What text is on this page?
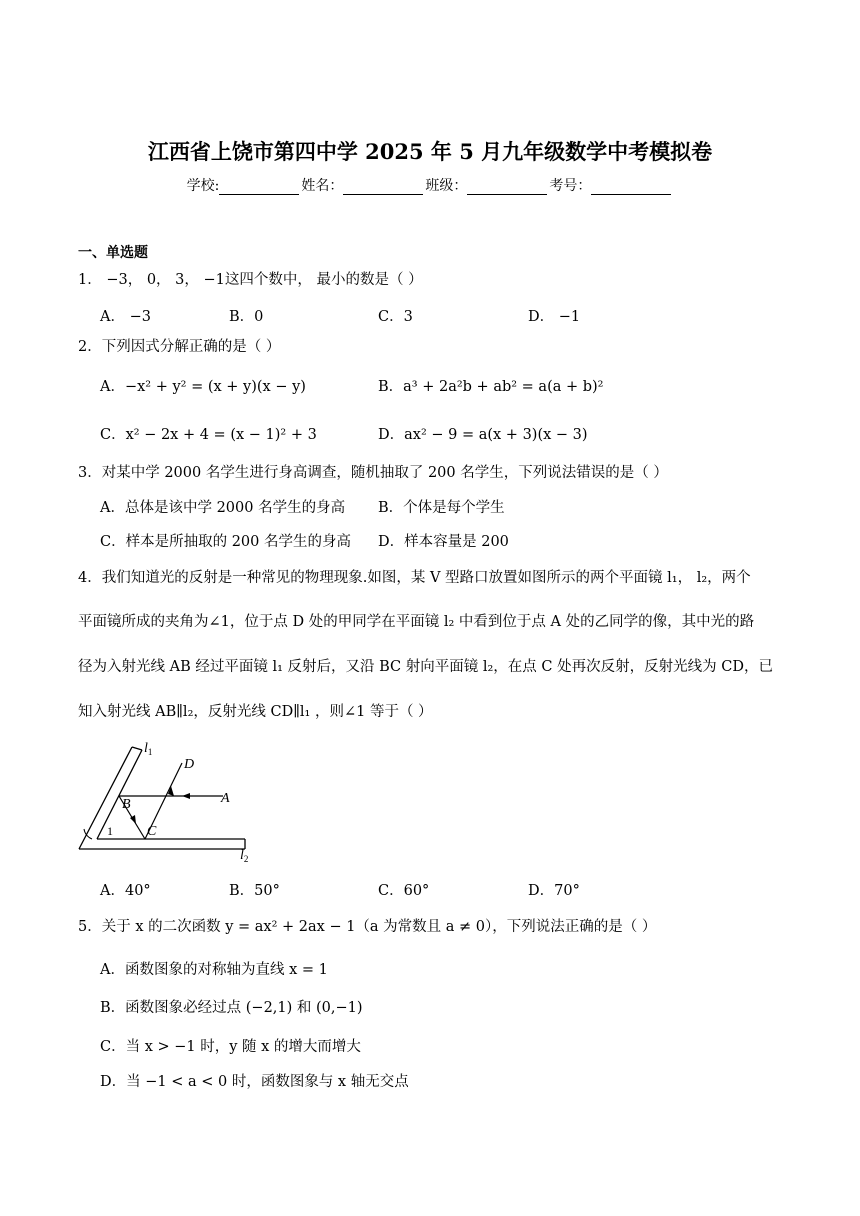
江西省上饶市第四中学 2025 年 5 月九年级数学中考模拟卷
学校:	姓名：	班级：	考号：
一、单选题
1． −3， 0， 3， −1这四个数中， 最小的数是（ ）
A． −3	B．0	C．3	D． −1
2．下列因式分解正确的是（ ）
A．−x² + y² = (x + y)(x − y)	B．a³ + 2a²b + ab² = a(a + b)²
C．x² − 2x + 4 = (x − 1)² + 3	D．ax² − 9 = a(x + 3)(x − 3)
3．对某中学 2000 名学生进行身高调查，随机抽取了 200 名学生，下列说法错误的是（ ）
A．总体是该中学 2000 名学生的身高 B．个体是每个学生
C．样本是所抽取的 200 名学生的身高 D．样本容量是 200
4．我们知道光的反射是一种常见的物理现象.如图，某 V 型路口放置如图所示的两个平面镜 l₁， l₂，两个
平面镜所成的夹角为∠1，位于点 D 处的甲同学在平面镜 l₂ 中看到位于点 A 处的乙同学的像，其中光的路
径为入射光线 AB 经过平面镜 l₁ 反射后，又沿 BC 射向平面镜 l₂，在点 C 处再次反射，反射光线为 CD，已
知入射光线 AB∥l₂，反射光线 CD∥l₁ ，则∠1 等于（ ）
$l_1$
$l_2$
D
A
B
C
1
A．40°	B．50°	C．60°	D．70°
5．关于 x 的二次函数 y = ax² + 2ax − 1（a 为常数且 a ≠ 0），下列说法正确的是（ ）
A．函数图象的对称轴为直线 x = 1
B．函数图象必经过点 (−2,1) 和 (0,−1)
C．当 x > −1 时，y 随 x 的增大而增大
D．当 −1 < a < 0 时，函数图象与 x 轴无交点
